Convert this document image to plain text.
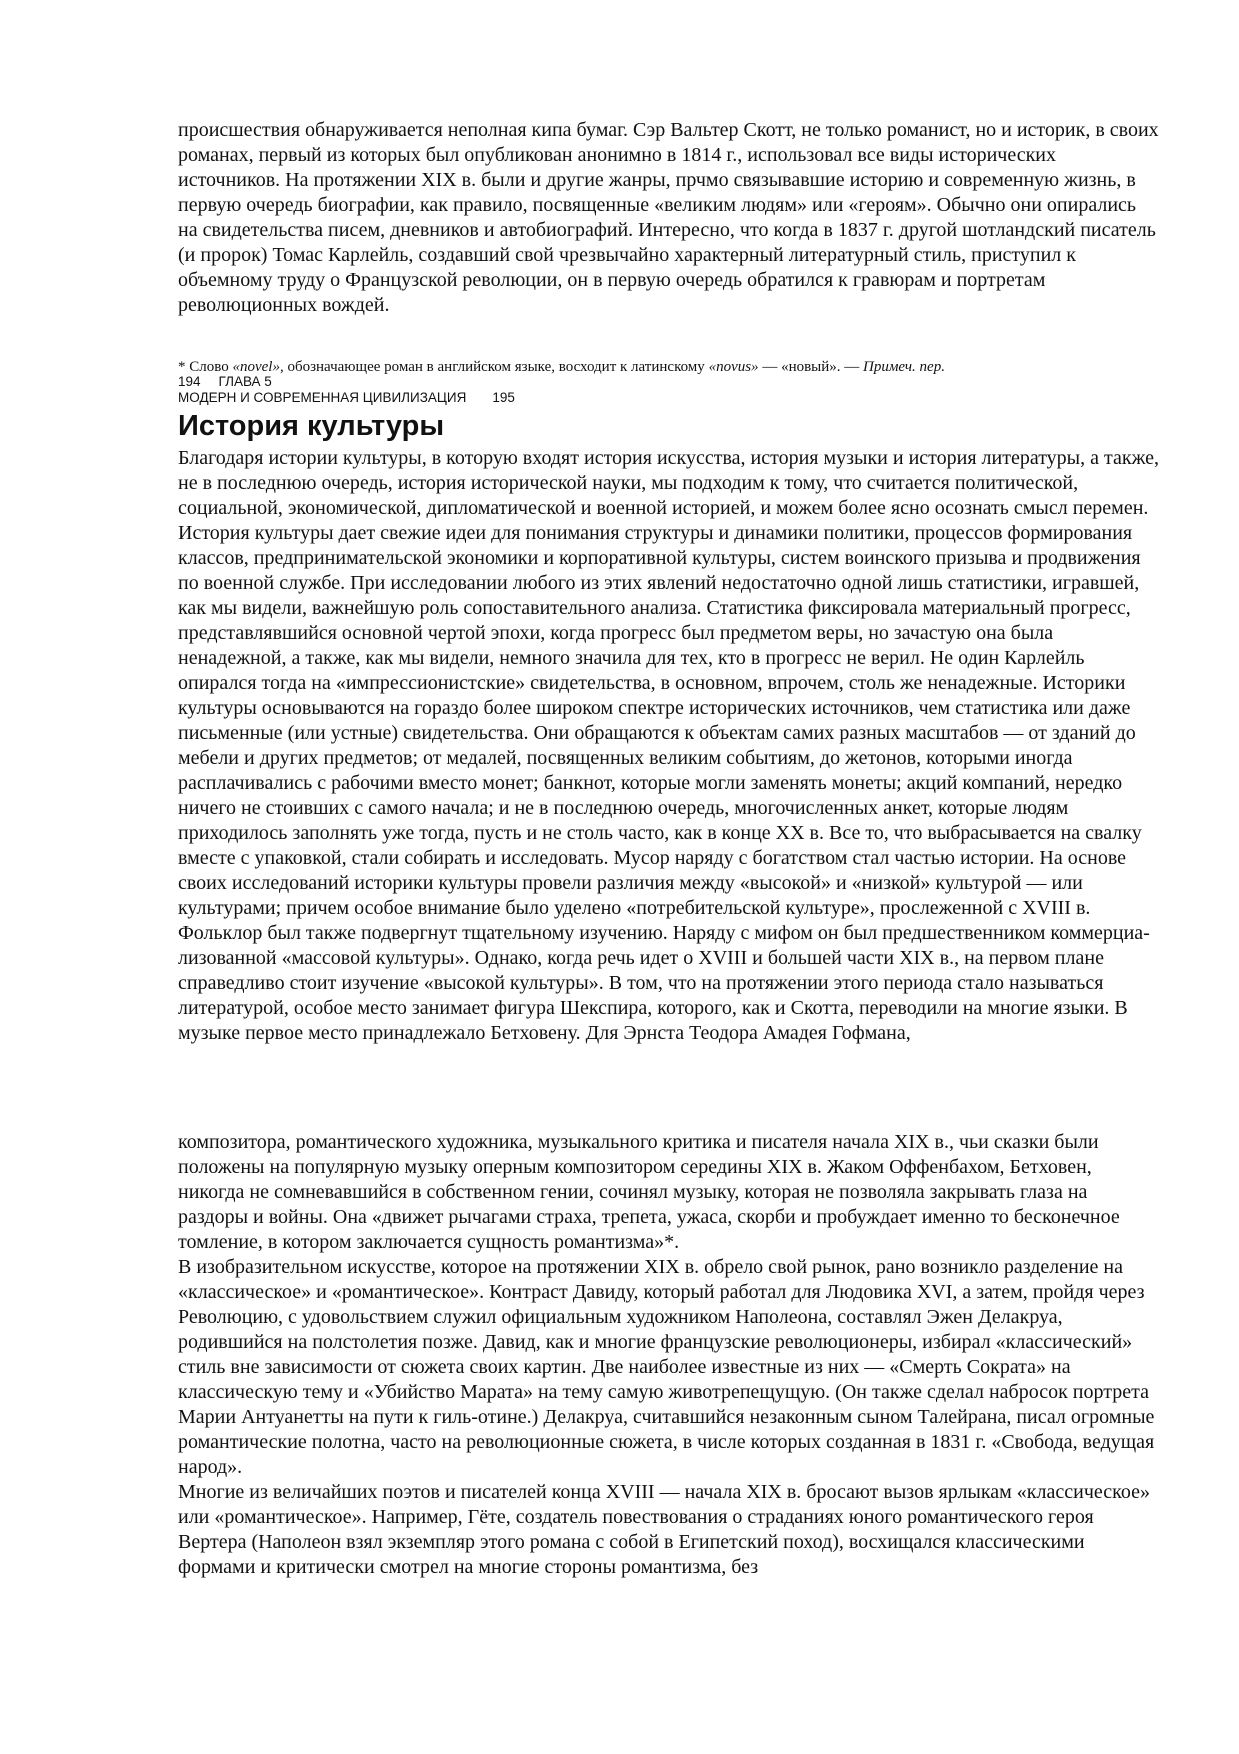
происшествия обнаруживается неполная кипа бумаг. Сэр Вальтер Скотт, не только романист, но и историк, в своих романах, первый из которых был опубликован анонимно в 1814 г., использовал все виды исторических источников. На протяжении XIX в. были и другие жанры, прчмо связывавшие историю и современную жизнь, в первую очередь биографии, как правило, посвященные «великим людям» или «героям». Обычно они опирались на свидетельства писем, дневников и автобиографий. Интересно, что когда в 1837 г. другой шотландский писатель (и пророк) Томас Карлейль, создавший свой чрезвычайно характерный литературный стиль, приступил к объемному труду о Французской революции, он в первую очередь обратился к гравюрам и портретам революционных вождей.

* Слово «novel», обозначающее роман в английском языке, восходит к латинскому «novus» — «новый». — Примеч. пер.
194 ГЛАВА 5
МОДЕРН И СОВРЕМЕННАЯ ЦИВИЛИЗАЦИЯ 195
История культуры

Благодаря истории культуры, в которую входят история искусства, история музыки и история литературы, а также, не в последнюю очередь, история исторической науки, мы подходим к тому, что считается политической, социальной, экономической, дипломатической и военной историей, и можем более ясно осознать смысл перемен. История культуры дает свежие идеи для понимания структуры и динамики политики, процессов формирования классов, предпринимательской экономики и корпоративной культуры, систем воинского призыва и продвижения по военной службе. При исследовании любого из этих явлений недостаточно одной лишь статистики, игравшей, как мы видели, важнейшую роль сопоставительного анализа. Статистика фиксировала материальный прогресс, представлявшийся основной чертой эпохи, когда прогресс был предметом веры, но зачастую она была ненадежной, а также, как мы видели, немного значила для тех, кто в прогресс не верил. Не один Карлейль опирался тогда на «импрессионистские» свидетельства, в основном, впрочем, столь же ненадежные. Историки культуры основываются на гораздо более широком спектре исторических источников, чем статистика или даже письменные (или устные) свидетельства. Они обращаются к объектам самих разных масштабов — от зданий до мебели и других предметов; от медалей, посвященных великим событиям, до жетонов, которыми иногда расплачивались с рабочими вместо монет; банкнот, которые могли заменять монеты; акций компаний, нередко ничего не стоивших с самого начала; и не в последнюю очередь, многочисленных анкет, которые людям приходилось заполнять уже тогда, пусть и не столь часто, как в конце XX в. Все то, что выбрасывается на свалку вместе с упаковкой, стали собирать и исследовать. Мусор наряду с богатством стал частью истории. На основе своих исследований историки культуры провели различия между «высокой» и «низкой» культурой — или культурами; причем особое внимание было уделено «потребительской культуре», прослеженной с XVIII в. Фольклор был также подвергнут тщательному изучению. Наряду с мифом он был предшественником коммерциа-лизованной «массовой культуры». Однако, когда речь идет о XVIII и большей части XIX в., на первом плане справедливо стоит изучение «высокой культуры». В том, что на протяжении этого периода стало называться литературой, особое место занимает фигура Шекспира, которого, как и Скотта, переводили на многие языки. В музыке первое место принадлежало Бетховену. Для Эрнста Теодора Амадея Гофмана,

композитора, романтического художника, музыкального критика и писателя начала XIX в., чьи сказки были положены на популярную музыку оперным композитором середины XIX в. Жаком Оффенбахом, Бетховен, никогда не сомневавшийся в собственном гении, сочинял музыку, которая не позволяла закрывать глаза на раздоры и войны. Она «движет рычагами страха, трепета, ужаса, скорби и пробуждает именно то бесконечное томление, в котором заключается сущность романтизма»*.

В изобразительном искусстве, которое на протяжении XIX в. обрело свой рынок, рано возникло разделение на «классическое» и «романтическое». Контраст Давиду, который работал для Людовика XVI, а затем, пройдя через Революцию, с удовольствием служил официальным художником Наполеона, составлял Эжен Делакруа, родившийся на полстолетия позже. Давид, как и многие французские революционеры, избирал «классический» стиль вне зависимости от сюжета своих картин. Две наиболее известные из них — «Смерть Сократа» на классическую тему и «Убийство Марата» на тему самую животрепещущую. (Он также сделал набросок портрета Марии Антуанетты на пути к гиль-отине.) Делакруа, считавшийся незаконным сыном Талейрана, писал огромные романтические полотна, часто на революционные сюжета, в числе которых созданная в 1831 г. «Свобода, ведущая народ».

Многие из величайших поэтов и писателей конца XVIII — начала XIX в. бросают вызов ярлыкам «классическое» или «романтическое». Например, Гёте, создатель повествования о страданиях юного романтического героя Вертера (Наполеон взял экземпляр этого романа с собой в Египетский поход), восхищался классическими формами и критически смотрел на многие стороны романтизма, без
